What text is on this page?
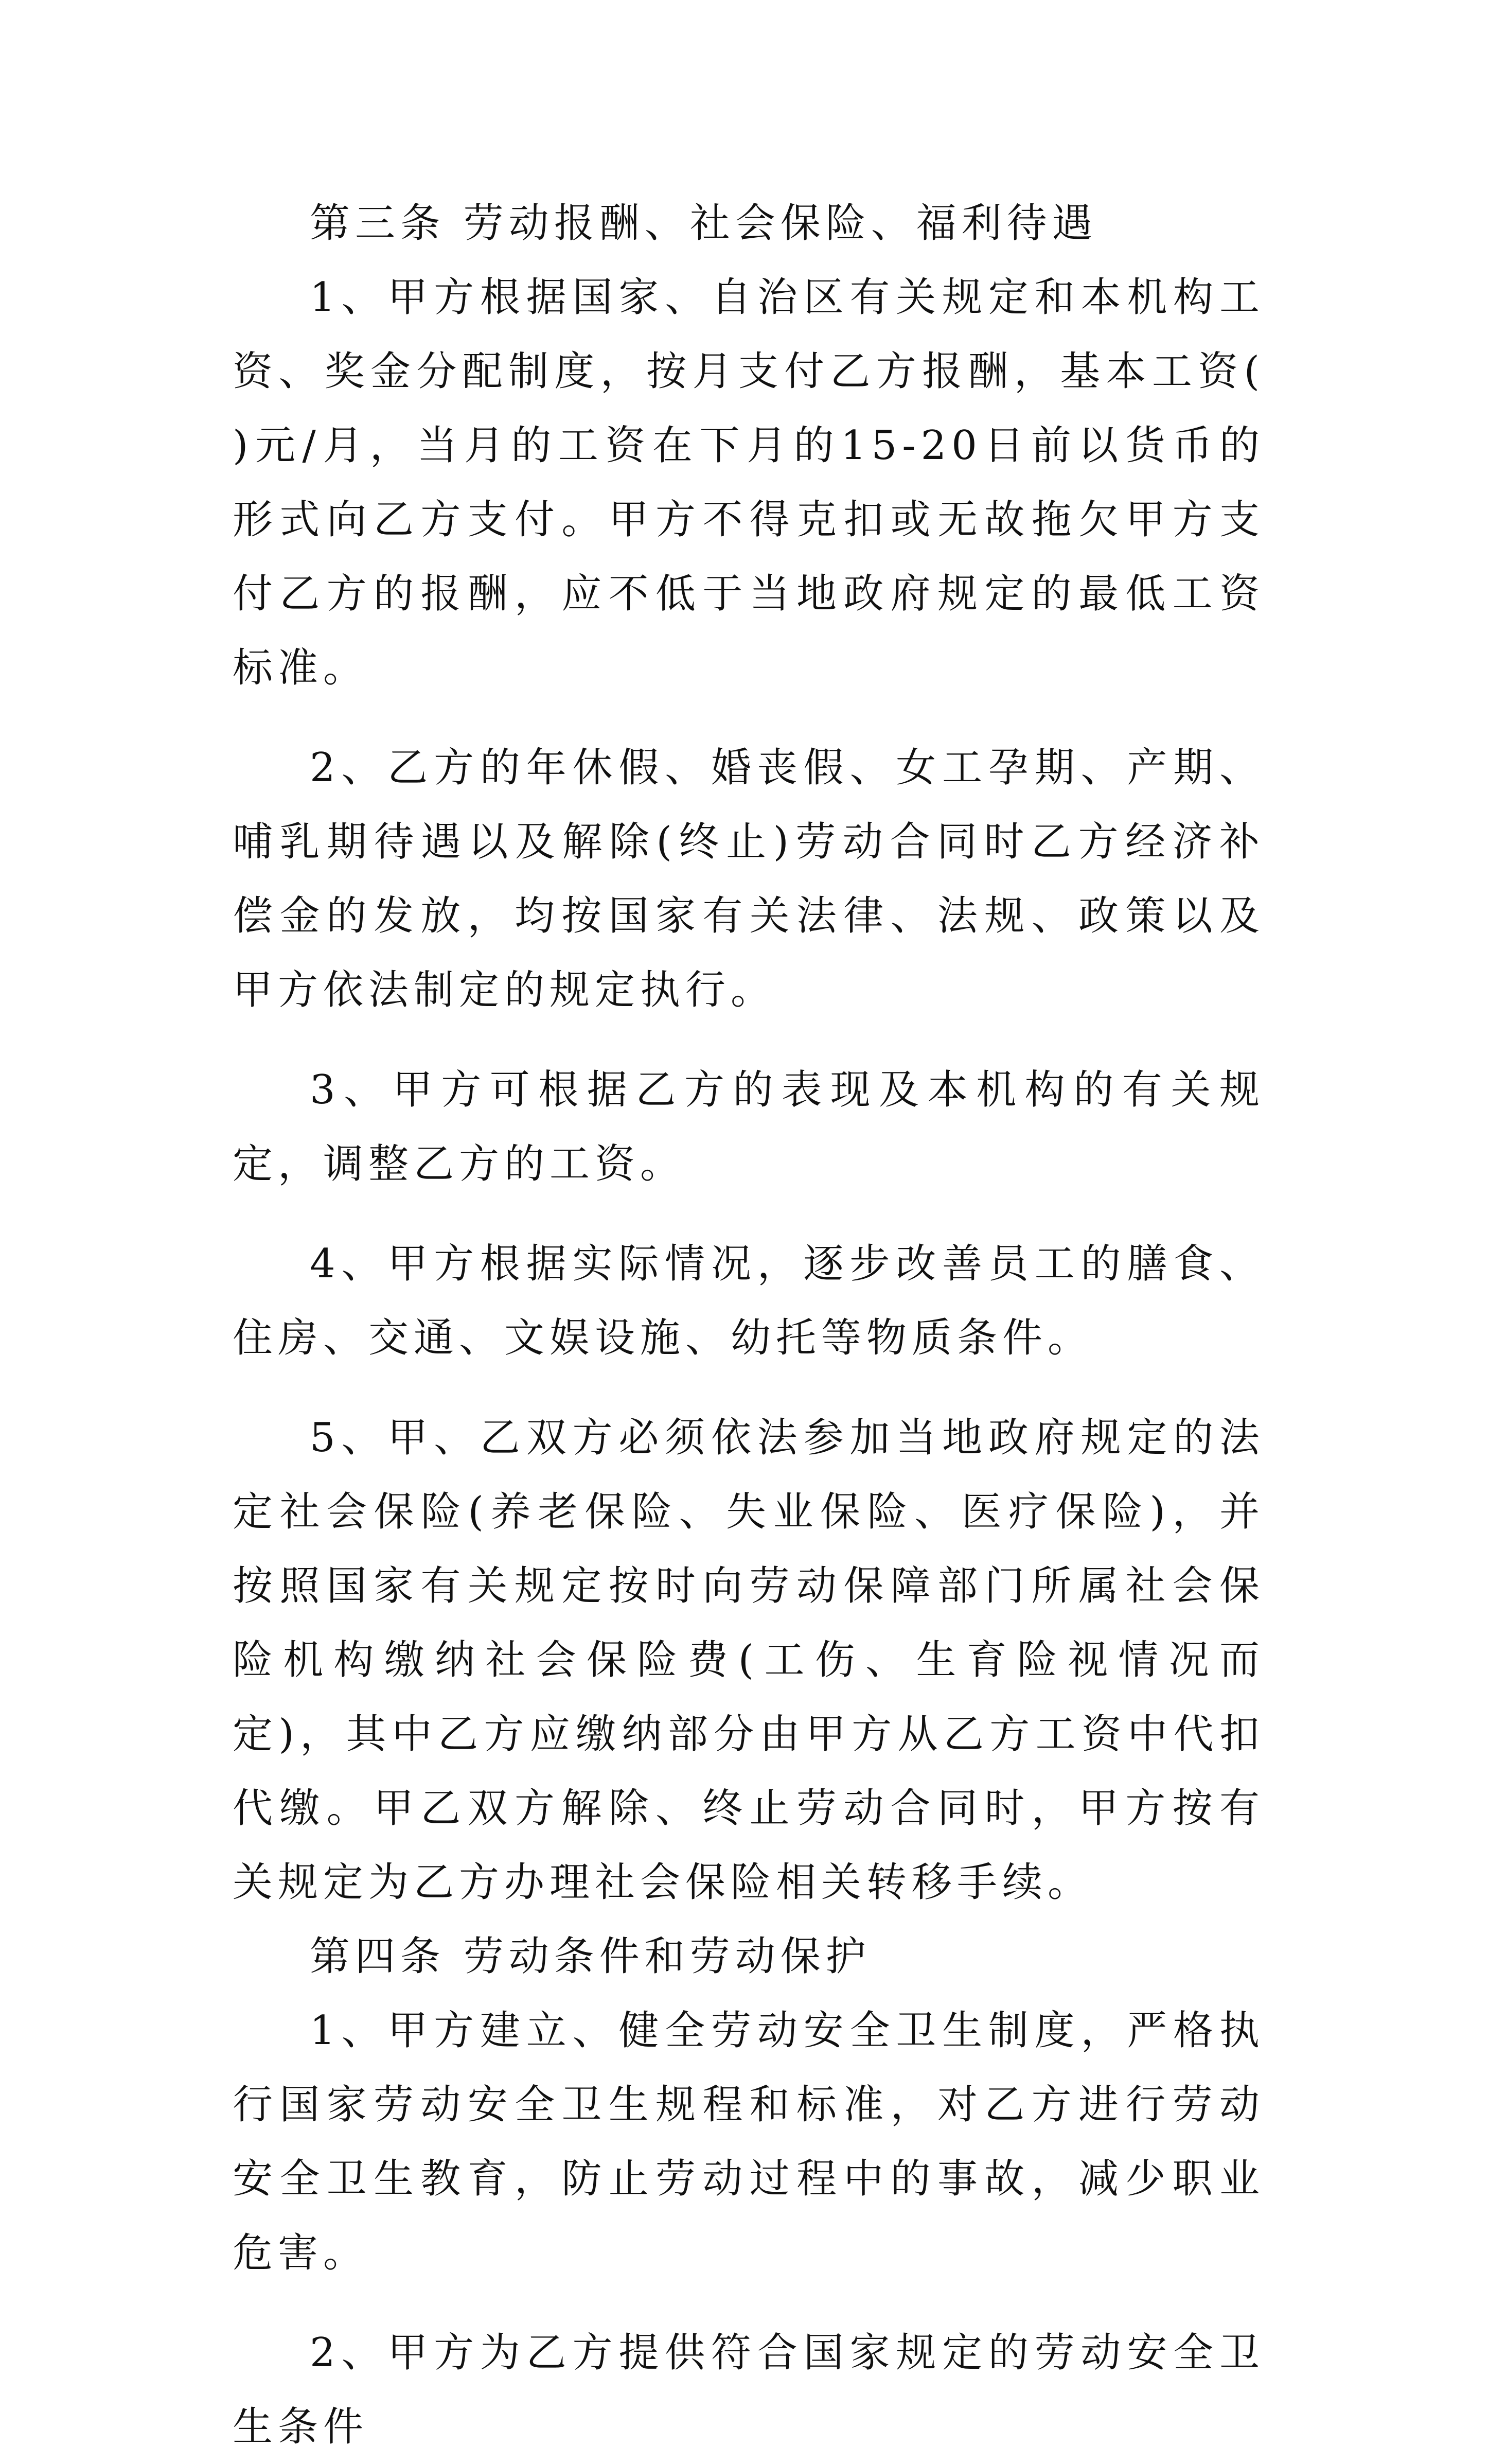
第三条 劳动报酬、社会保险、福利待遇

1、甲方根据国家、自治区有关规定和本机构工资、奖金分配制度，按月支付乙方报酬，基本工资( )元/月，当月的工资在下月的15-20日前以货币的形式向乙方支付。甲方不得克扣或无故拖欠甲方支付乙方的报酬，应不低于当地政府规定的最低工资标准。

2、乙方的年休假、婚丧假、女工孕期、产期、哺乳期待遇以及解除(终止)劳动合同时乙方经济补偿金的发放，均按国家有关法律、法规、政策以及甲方依法制定的规定执行。

3、甲方可根据乙方的表现及本机构的有关规定，调整乙方的工资。

4、甲方根据实际情况，逐步改善员工的膳食、住房、交通、文娱设施、幼托等物质条件。

5、甲、乙双方必须依法参加当地政府规定的法定社会保险(养老保险、失业保险、医疗保险)，并按照国家有关规定按时向劳动保障部门所属社会保险机构缴纳社会保险费(工伤、生育险视情况而定)，其中乙方应缴纳部分由甲方从乙方工资中代扣代缴。甲乙双方解除、终止劳动合同时，甲方按有关规定为乙方办理社会保险相关转移手续。

第四条 劳动条件和劳动保护

1、甲方建立、健全劳动安全卫生制度，严格执行国家劳动安全卫生规程和标准，对乙方进行劳动安全卫生教育，防止劳动过程中的事故，减少职业危害。

2、甲方为乙方提供符合国家规定的劳动安全卫生条件
